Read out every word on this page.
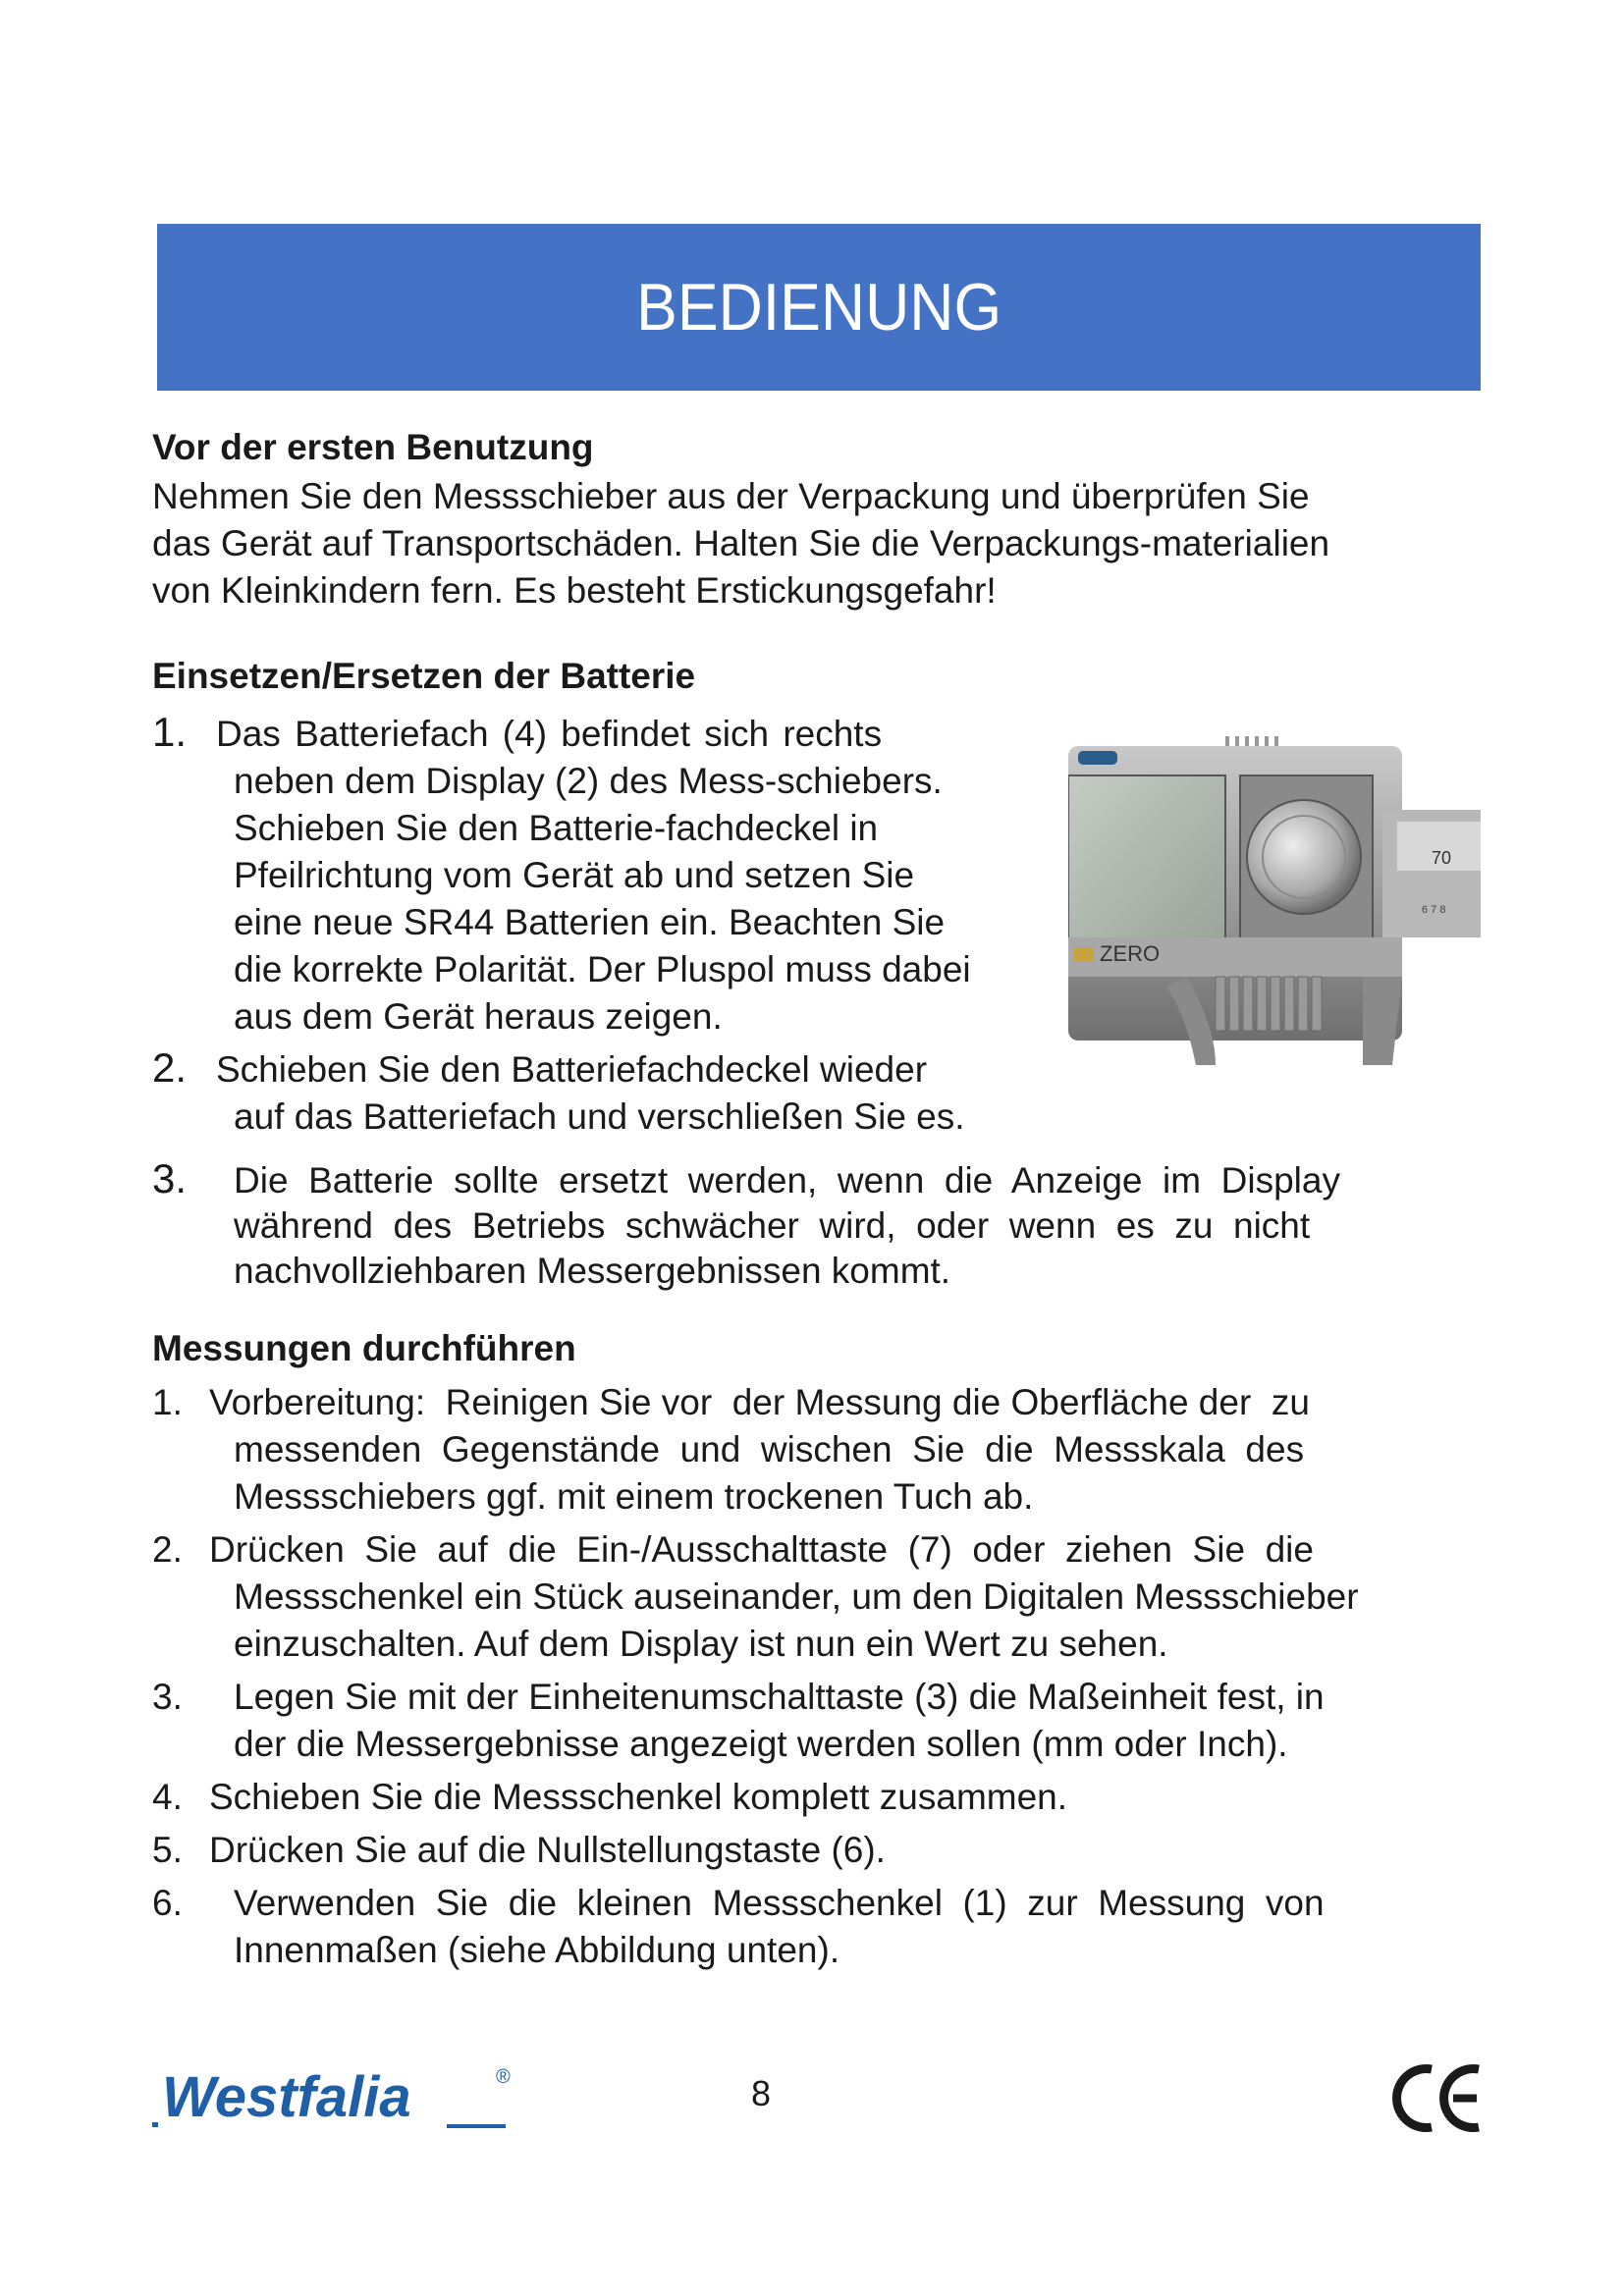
BEDIENUNG

Vor der ersten Benutzung

Nehmen Sie den Messschieber aus der Verpackung und überprüfen Sie

das Gerät auf Transportschäden. Halten Sie die Verpackungs-materialien

von Kleinkindern fern. Es besteht Erstickungsgefahr!

Einsetzen/Ersetzen der Batterie

1. Das Batteriefach (4) befindet sich rechts
neben dem Display (2) des Mess-schiebers.
Schieben Sie den Batterie-fachdeckel in
Pfeilrichtung vom Gerät ab und setzen Sie
eine neue SR44 Batterien ein. Beachten Sie
die korrekte Polarität. Der Pluspol muss dabei
aus dem Gerät heraus zeigen.
2. Schieben Sie den Batteriefachdeckel wieder
auf das Batteriefach und verschließen Sie es.
3. Die  Batterie  sollte  ersetzt  werden,  wenn  die  Anzeige  im  Display
während  des  Betriebs  schwächer  wird,  oder  wenn  es  zu  nicht
nachvollziehbaren Messergebnissen kommt.
70
6 7 8
ZERO

Messungen durchführen

1. Vorbereitung:  Reinigen Sie vor  der Messung die Oberfläche der  zu
messenden  Gegenstände  und  wischen  Sie  die  Messskala  des
Messschiebers ggf. mit einem trockenen Tuch ab.
2. Drücken  Sie  auf  die  Ein-/Ausschalttaste  (7)  oder  ziehen  Sie  die
Messschenkel ein Stück auseinander, um den Digitalen Messschieber
einzuschalten. Auf dem Display ist nun ein Wert zu sehen.
3. Legen Sie mit der Einheitenumschalttaste (3) die Maßeinheit fest, in
der die Messergebnisse angezeigt werden sollen (mm oder Inch).
4. Schieben Sie die Messschenkel komplett zusammen.
5. Drücken Sie auf die Nullstellungstaste (6).
6. Verwenden  Sie  die  kleinen  Messschenkel  (1)  zur  Messung  von
Innenmaßen (siehe Abbildung unten).
Westfalia	®	8
